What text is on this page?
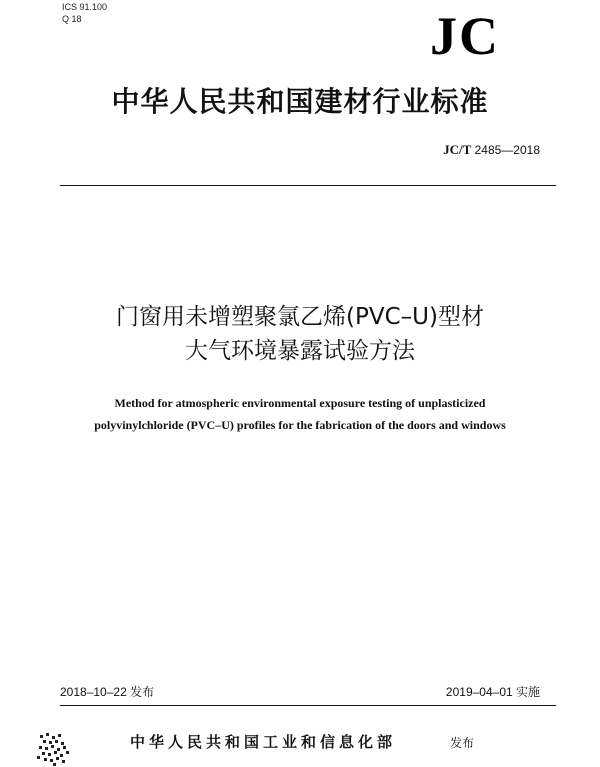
ICS 91.100
Q 18	JC
中华人民共和国建材行业标准
JC/T 2485—2018
门窗用未增塑聚氯乙烯(PVC–U)型材
大气环境暴露试验方法
Method for atmospheric environmental exposure testing of unplasticized
polyvinylchloride (PVC–U) profiles for the fabrication of the doors and windows
2018–10–22 发布	2019–04–01 实施
中华人民共和国工业和信息化部	发布
